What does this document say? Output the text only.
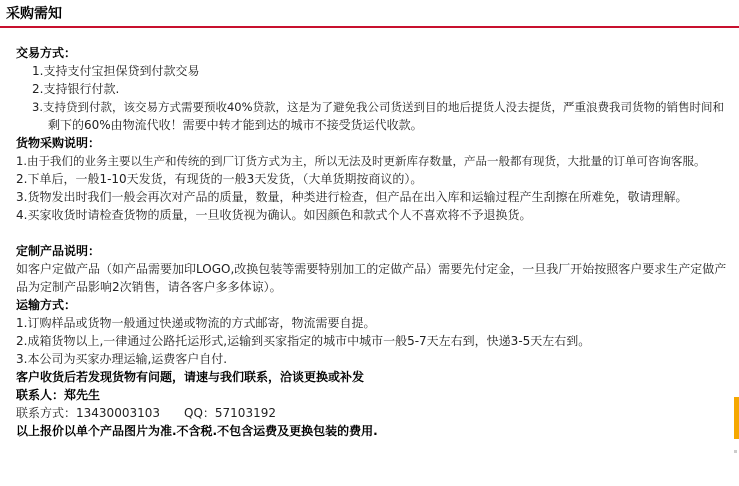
采购需知
交易方式：
1.支持支付宝担保贷到付款交易
2.支持银行付款.
3.支持贷到付款，该交易方式需要预收40%贷款，这是为了避免我公司货送到目的地后提货人没去提货，严重浪费我司货物的销售时间和
剩下的60%由物流代收！需要中转才能到达的城市不接受货运代收款。
货物采购说明：
1.由于我们的业务主要以生产和传统的到厂订货方式为主，所以无法及时更新库存数量，产品一般都有现货，大批量的订单可咨询客服。
2.下单后，一般1-10天发货，有现货的一般3天发货，（大单货期按商议的）。
3.货物发出时我们一般会再次对产品的质量，数量，种类进行检查，但产品在出入库和运输过程产生刮擦在所难免，敬请理解。
4.买家收货时请检查货物的质量，一旦收货视为确认。如因颜色和款式个人不喜欢将不予退换货。
定制产品说明：
如客户定做产品（如产品需要加印LOGO,改换包装等需要特别加工的定做产品）需要先付定金，一旦我厂开始按照客户要求生产定做产品为定制产品影响2次销售，请各客户多多体谅）。
运输方式：
1.订购样品或货物一般通过快递或物流的方式邮寄，物流需要自提。
2.成箱货物以上,一律通过公路托运形式,运输到买家指定的城市中城市一般5-7天左右到，快递3-5天左右到。
3.本公司为买家办理运输,运费客户自付.
客户收货后若发现货物有问题，请速与我们联系，洽谈更换或补发
联系人：郑先生
联系方式：13430003103 QQ：57103192
以上报价以单个产品图片为准.不含税.不包含运费及更换包装的费用.
